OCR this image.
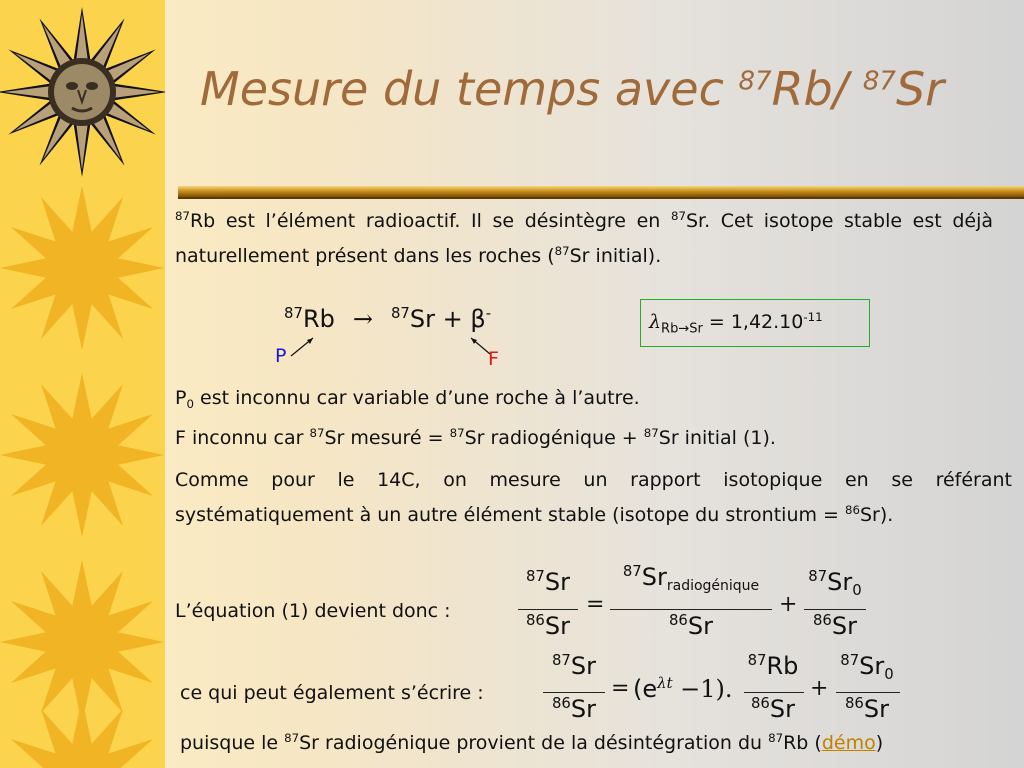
Mesure du temps avec $^{87}$Rb/ $^{87}$Sr
$^{87}$Rb est l’élément radioactif. Il se désintègre en $^{87}$Sr. Cet isotope stable est déjà naturellement présent dans les roches ($^{87}$Sr initial).
$^{87}$Rb → $^{87}$Sr + β-
P	F
$\lambda_{Rb\to Sr} = 1,42.10^{-11}$
$P_0$ est inconnu car variable d’une roche à l’autre.
F inconnu car $^{87}$Sr mesuré = $^{87}$Sr radiogénique + $^{87}$Sr initial (1).
Comme pour le 14C, on mesure un rapport isotopique en se référant systématiquement à un autre élément stable (isotope du strontium = $^{86}$Sr).
L’équation (1) devient donc :
$^{87}$Sr
$^{86}$Sr
=
$^{87}Sr_{radiogénique}$
$^{86}$Sr
+
$^{87}Sr_0$
$^{86}$Sr
ce qui peut également s’écrire :
$^{87}$Sr
$^{86}$Sr
= $(e^{\lambda t} -1)$.
$^{87}$Rb
$^{86}$Sr
+
$^{87}Sr_0$
$^{86}$Sr
puisque le $^{87}$Sr radiogénique provient de la désintégration du $^{87}$Rb (démo)
